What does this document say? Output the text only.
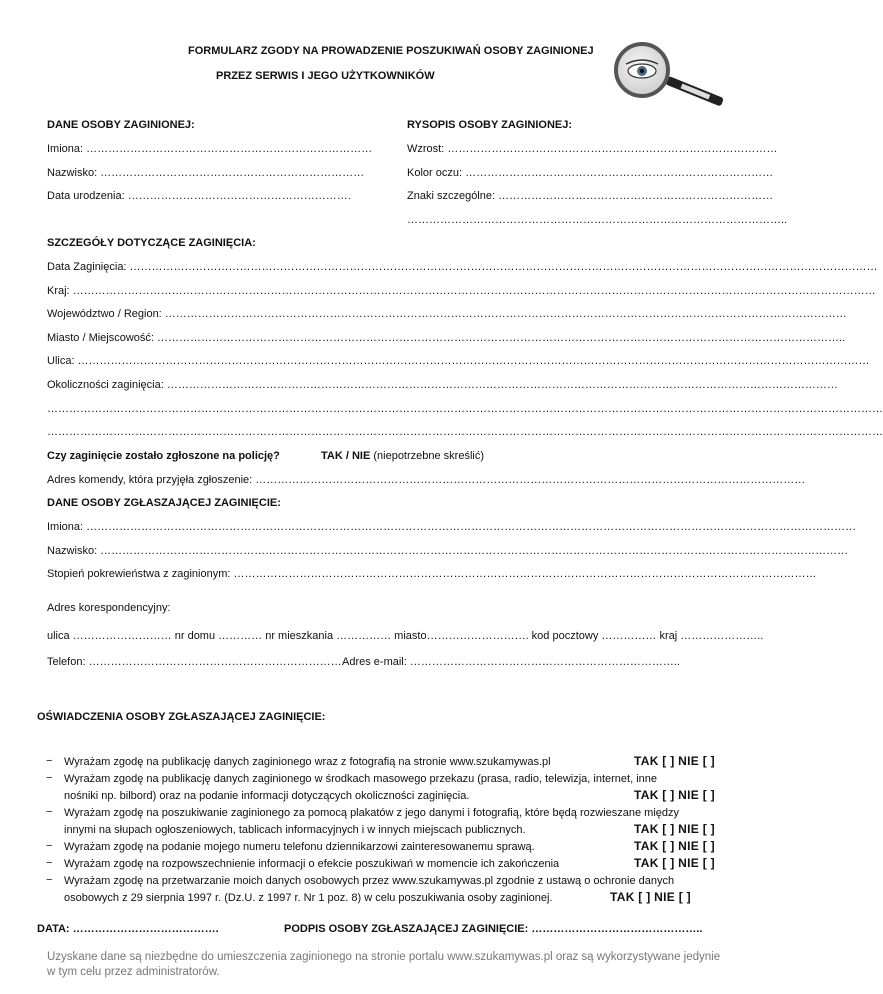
FORMULARZ ZGODY NA PROWADZENIE POSZUKIWAŃ OSOBY ZAGINIONEJ
PRZEZ SERWIS I JEGO UŻYTKOWNIKÓW
DANE OSOBY ZAGINIONEJ:	RYSOPIS OSOBY ZAGINIONEJ:
Imiona: ……………………………………………………………………	Wzrost: ………………………………………………………………………………
Nazwisko: ………………………………………………………………	Kolor oczu: …………………………………………………………………………
Data urodzenia: …………………………………………………….	Znaki szczególne: …………………………………………………………………
…………………………………………………………………………………………..
SZCZEGÓŁY DOTYCZĄCE ZAGINIĘCIA:
Data Zaginięcia: ……………………………………………………………………………………………………………………………………………………………………………………
Kraj: …………………………………………………………………………………………………………………………………………………………………………………………………
Województwo / Region: ……………………………………………………………………………………………………………………………………………………………………
Miasto / Miejscowość: ……………………………………………………………………………………………………………………………………………………………………..
Ulica: ………………………………………………………………………………………………………………………………………………………………………………………………
Okoliczności zaginięcia: …………………………………………………………………………………………………………………………………………………………………
…………………………………………………………………………………………………………………………………………………………………………………………………………
…………………………………………………………………………………………………………………………………………………………………………………………………………
Czy zaginięcie zostało zgłoszone na policję?	TAK / NIE (niepotrzebne skreślić)
Adres komendy, która przyjęła zgłoszenie: ……………………………………………………………………………………………………………………………………
DANE OSOBY ZGŁASZAJĄCEJ ZAGINIĘCIE:
Imiona: …………………………………………………………………………………………………………………………………………………………………………………………
Nazwisko: ……………………………………………………………………………………………………………………………………………………………………………………
Stopień pokrewieństwa z zaginionym: ……………………………………………………………………………………………………………………………………………
Adres korespondencyjny:
ulica ……………………… nr domu ………… nr mieszkania …………… miasto………………………. kod pocztowy …………… kraj …………………..
Telefon: …………………………………………………………… Adres e-mail: ………………………………………………………………..
OŚWIADCZENIA OSOBY ZGŁASZAJĄCEJ ZAGINIĘCIE:
− Wyrażam zgodę na publikację danych zaginionego wraz z fotografią na stronie www.szukamywas.pl	TAK [ ] NIE [ ]
− Wyrażam zgodę na publikację danych zaginionego w środkach masowego przekazu (prasa, radio, telewizja, internet, inne
nośniki np. bilbord) oraz na podanie informacji dotyczących okoliczności zaginięcia.	TAK [ ] NIE [ ]
− Wyrażam zgodę na poszukiwanie zaginionego za pomocą plakatów z jego danymi i fotografią, które będą rozwieszane między
innymi na słupach ogłoszeniowych, tablicach informacyjnych i w innych miejscach publicznych.	TAK [ ] NIE [ ]
− Wyrażam zgodę na podanie mojego numeru telefonu dziennikarzowi zainteresowanemu sprawą.	TAK [ ] NIE [ ]
− Wyrażam zgodę na rozpowszechnienie informacji o efekcie poszukiwań w momencie ich zakończenia	TAK [ ] NIE [ ]
− Wyrażam zgodę na przetwarzanie moich danych osobowych przez www.szukamywas.pl zgodnie z ustawą o ochronie danych
osobowych z 29 sierpnia 1997 r. (Dz.U. z 1997 r. Nr 1 poz. 8) w celu poszukiwania osoby zaginionej.	TAK [ ] NIE [ ]
DATA: ………………………………….	PODPIS OSOBY ZGŁASZAJĄCEJ ZAGINIĘCIE: ………………………………………..
Uzyskane dane są niezbędne do umieszczenia zaginionego na stronie portalu www.szukamywas.pl oraz są wykorzystywane jedynie w tym celu przez administratorów.
